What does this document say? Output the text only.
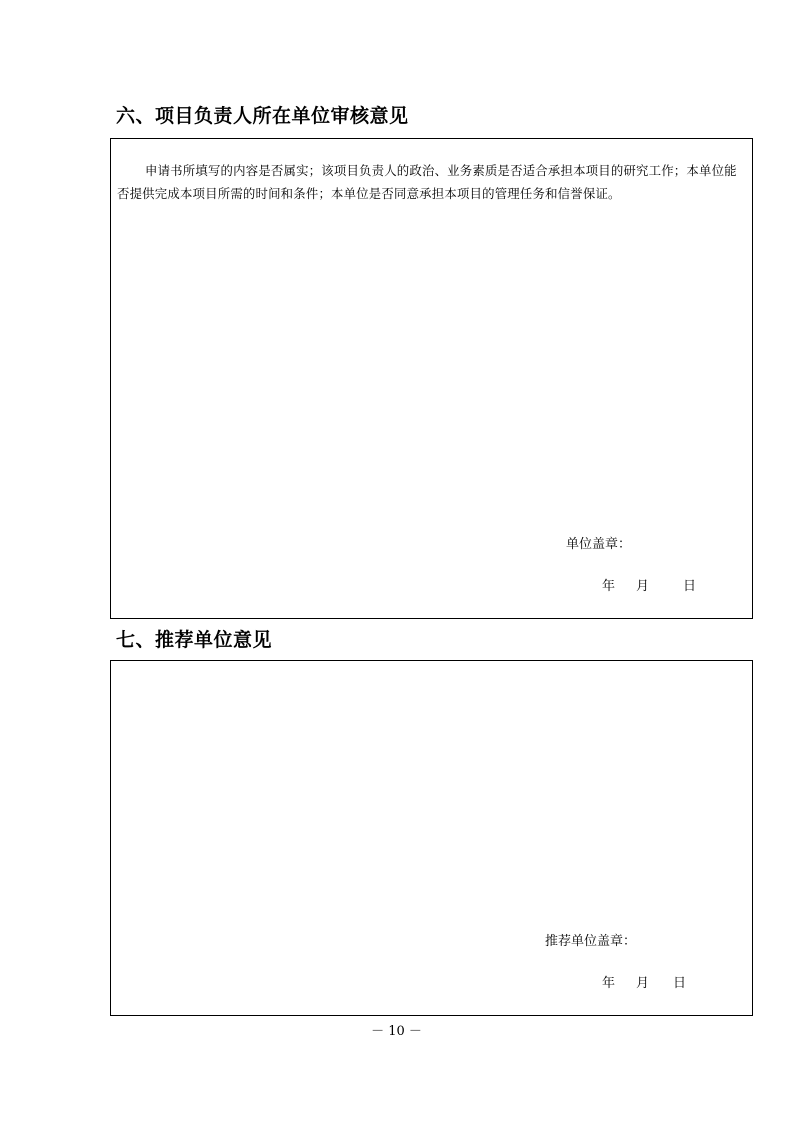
六、项目负责人所在单位审核意见

申请书所填写的内容是否属实；该项目负责人的政治、业务素质是否适合承担本项目的研究工作；本单位能否提供完成本项目所需的时间和条件；本单位是否同意承担本项目的管理任务和信誉保证。

单位盖章：
年 月	日
七、推荐单位意见
推荐单位盖章：
年 月 日
－ 10 －
